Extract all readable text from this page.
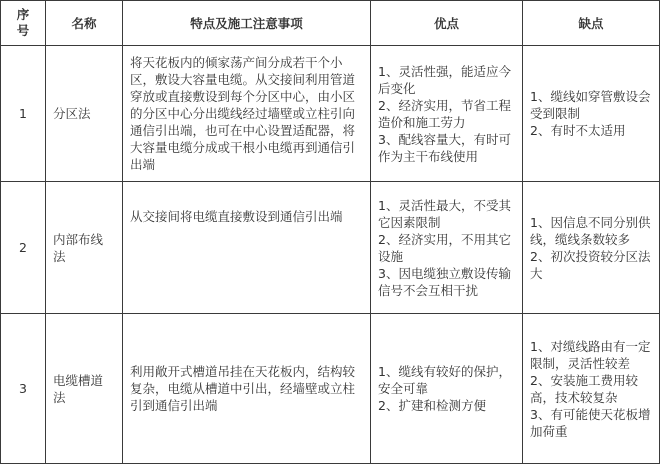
序号	名称	特点及施工注意事项	优点	缺点
1	分区法	将天花板内的倾家荡产间分成若干个小区，敷设大容量电缆。从交接间利用管道穿放或直接敷设到每个分区中心，由小区的分区中心分出缆线经过墙壁或立柱引向通信引出端，也可在中心设置适配器，将大容量电缆分成或干根小电缆再到通信引出端	1、灵活性强，能适应今后变化
2、经济实用，节省工程造价和施工劳力
3、配线容量大，有时可作为主干布线使用	1、缆线如穿管敷设会受到限制
2、有时不太适用

2	内部布线法	从交接间将电缆直接敷设到通信引出端	1、灵活性最大，不受其它因素限制
2、经济实用，不用其它设施
3、因电缆独立敷设传输信号不会互相干扰	1、因信息不同分别供线，缆线条数较多
2、初次投资较分区法大

3	电缆槽道法	利用敞开式槽道吊挂在天花板内，结构较复杂，电缆从槽道中引出，经墙壁或立柱引到通信引出端	1、缆线有较好的保护，安全可靠
2、扩建和检测方便	1、对缆线路由有一定限制，灵活性较差
2、安装施工费用较高，技术较复杂
3、有可能使天花板增加荷重
